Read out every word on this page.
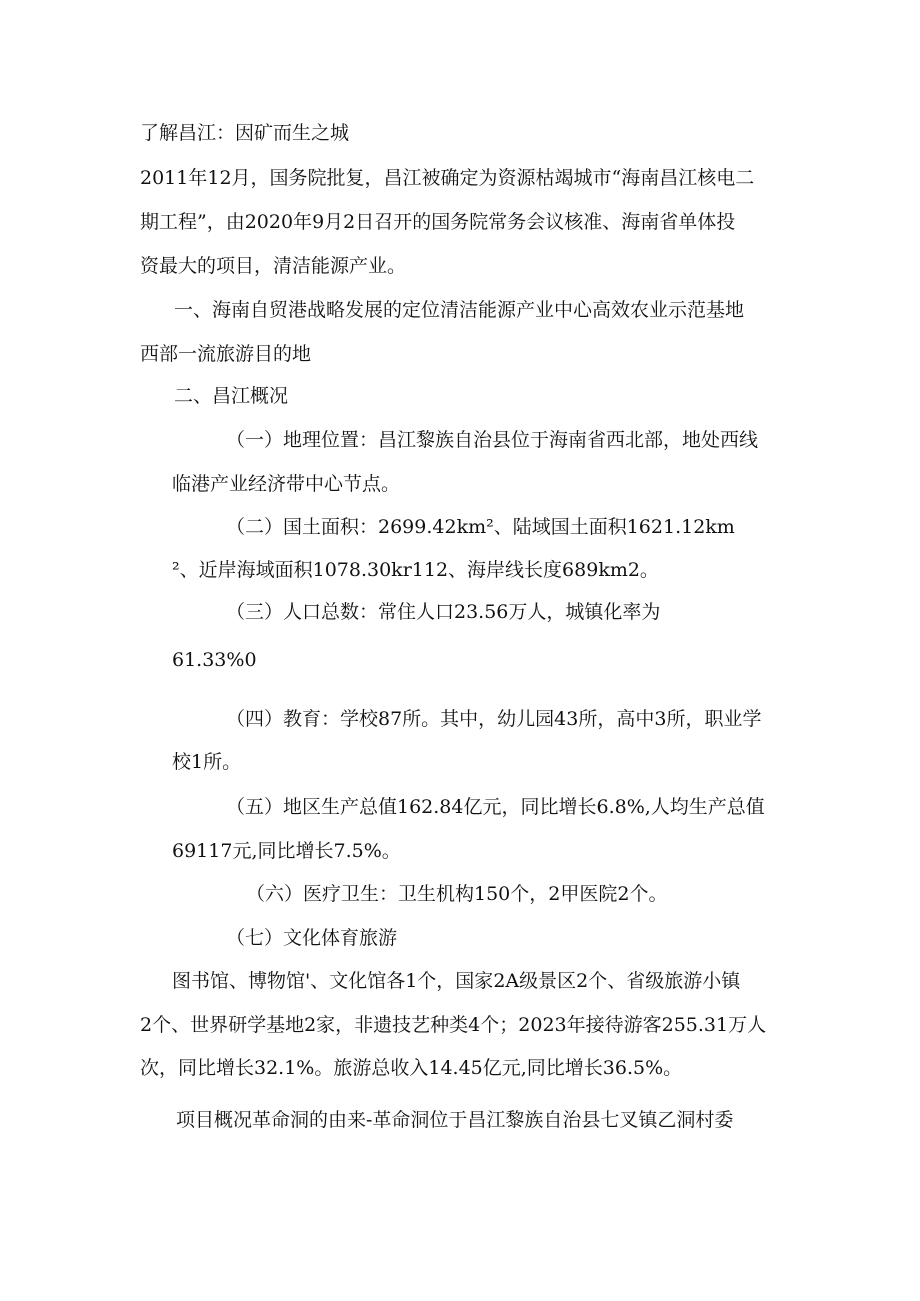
了解昌江：因矿而生之城

2011年12月，国务院批复，昌江被确定为资源枯竭城市“海南昌江核电二

期工程”，由2020年9月2日召开的国务院常务会议核准、海南省单体投

资最大的项目，清洁能源产业。

一、海南自贸港战略发展的定位清洁能源产业中心高效农业示范基地

西部一流旅游目的地

二、昌江概况

（一）地理位置：昌江黎族自治县位于海南省西北部，地处西线

临港产业经济带中心节点。

（二）国土面积：2699.42km²、陆域国土面积1621.12km

²、近岸海域面积1078.30kr112、海岸线长度689km2。

（三）人口总数：常住人口23.56万人，城镇化率为

61.33%0

（四）教育：学校87所。其中，幼儿园43所，高中3所，职业学

校1所。

（五）地区生产总值162.84亿元，同比增长6.8%,人均生产总值

69117元,同比增长7.5%。

（六）医疗卫生：卫生机构150个，2甲医院2个。

（七）文化体育旅游

图书馆、博物馆'、文化馆各1个，国家2A级景区2个、省级旅游小镇

2个、世界研学基地2家，非遗技艺种类4个；2023年接待游客255.31万人

次，同比增长32.1%。旅游总收入14.45亿元,同比增长36.5%。

项目概况革命洞的由来-革命洞位于昌江黎族自治县七叉镇乙洞村委
